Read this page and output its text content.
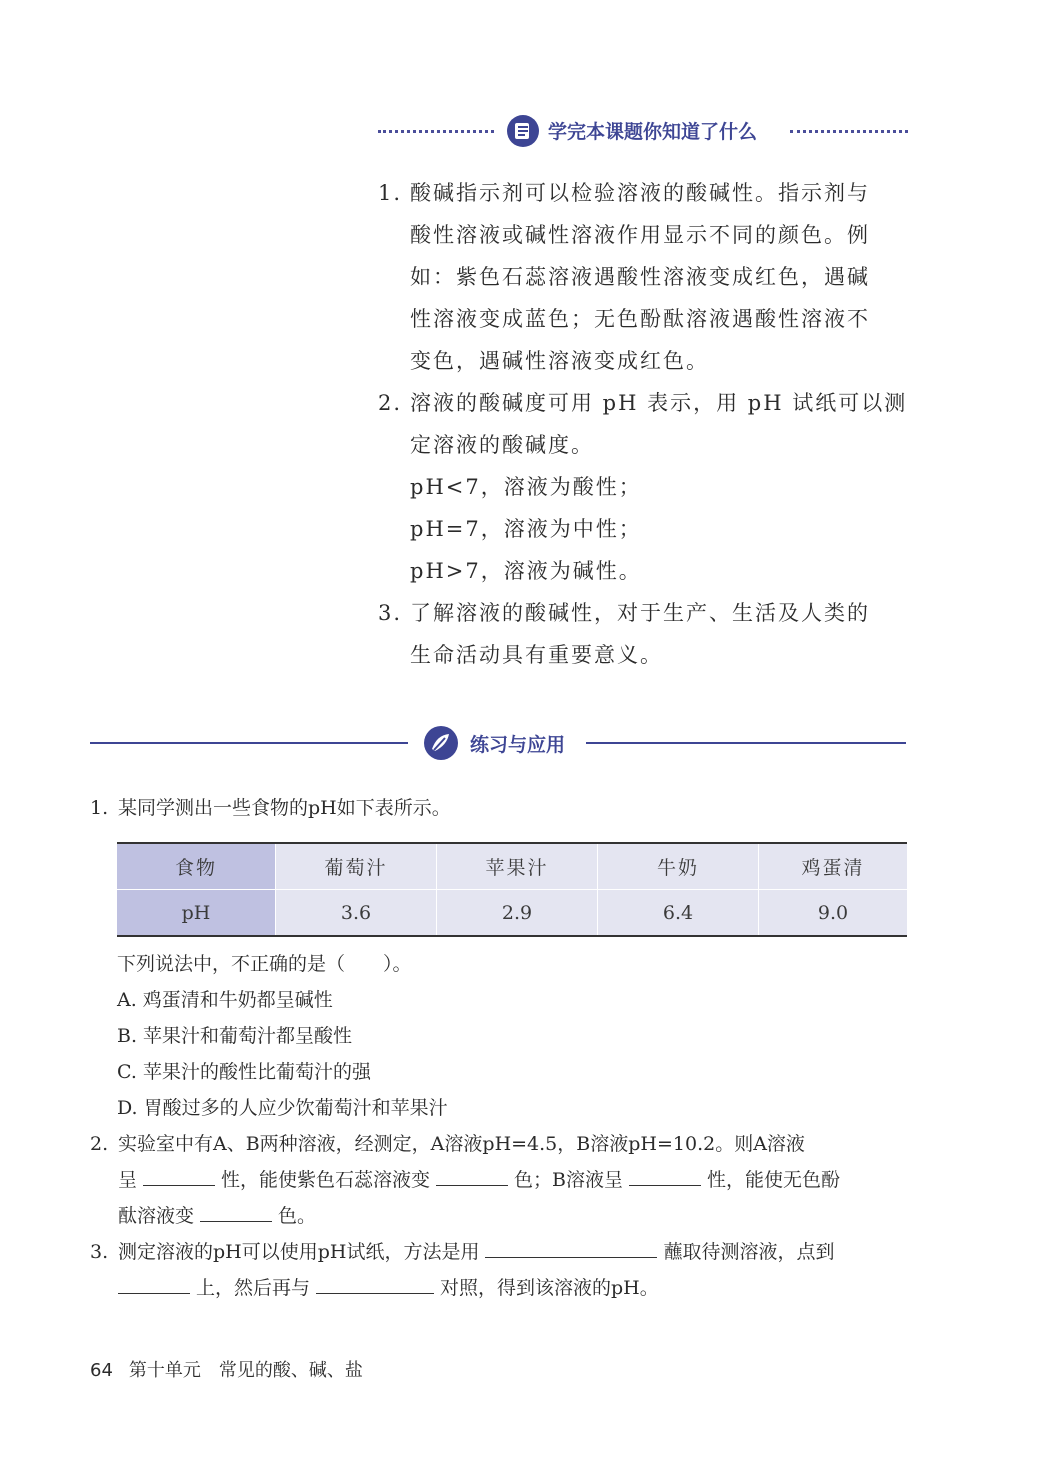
学完本课题你知道了什么
1. 酸碱指示剂可以检验溶液的酸碱性。指示剂与
酸性溶液或碱性溶液作用显示不同的颜色。例
如：紫色石蕊溶液遇酸性溶液变成红色，遇碱
性溶液变成蓝色；无色酚酞溶液遇酸性溶液不
变色，遇碱性溶液变成红色。
2. 溶液的酸碱度可用 pH 表示，用 pH 试纸可以测
定溶液的酸碱度。
pH<7，溶液为酸性；
pH=7，溶液为中性；
pH>7，溶液为碱性。
3. 了解溶液的酸碱性，对于生产、生活及人类的
生命活动具有重要意义。
练习与应用
1. 某同学测出一些食物的pH如下表所示。
食物	葡萄汁	苹果汁	牛奶	鸡蛋清
pH	3.6	2.9	6.4	9.0
下列说法中，不正确的是（　　）。
A. 鸡蛋清和牛奶都呈碱性
B. 苹果汁和葡萄汁都呈酸性
C. 苹果汁的酸性比葡萄汁的强
D. 胃酸过多的人应少饮葡萄汁和苹果汁
2. 实验室中有A、B两种溶液，经测定，A溶液pH=4.5，B溶液pH=10.2。则A溶液
呈	性，能使紫色石蕊溶液变	色；B溶液呈	性，能使无色酚
酞溶液变	色。
3. 测定溶液的pH可以使用pH试纸，方法是用	蘸取待测溶液，点到
上，然后再与	对照，得到该溶液的pH。
64 第十单元　常见的酸、碱、盐
